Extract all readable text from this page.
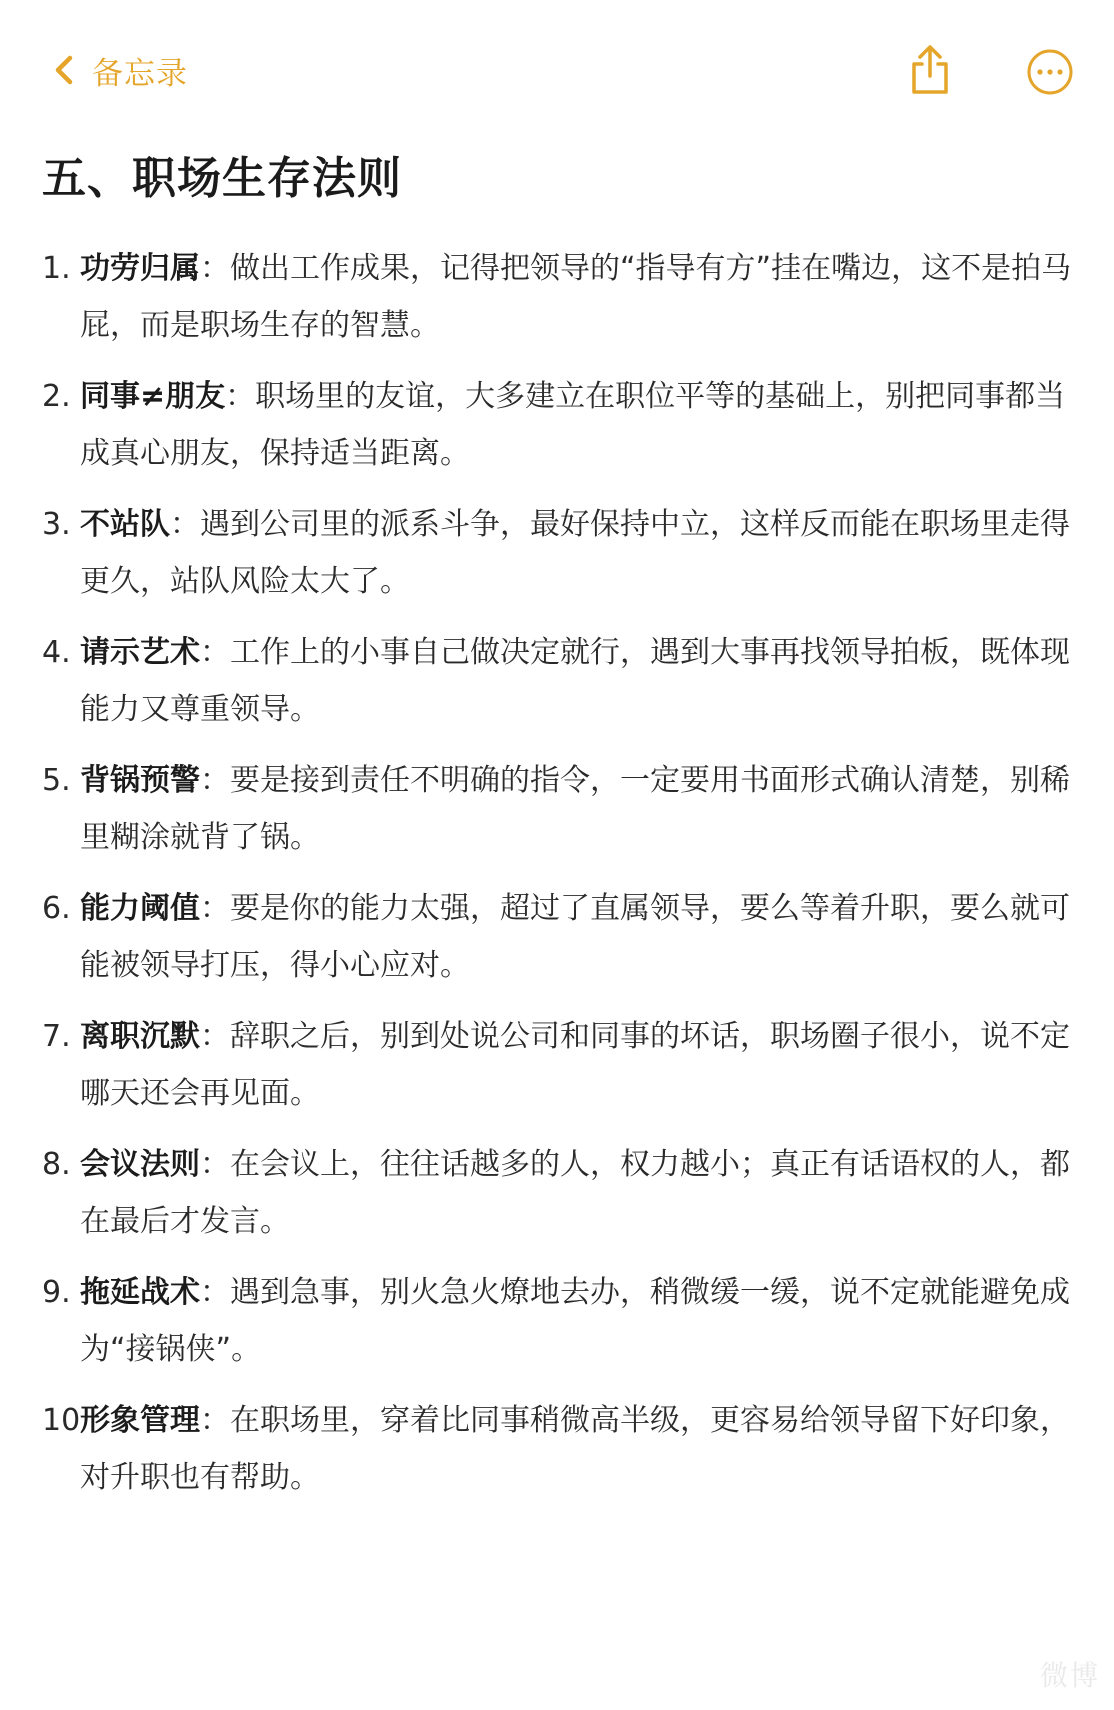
备忘录
五、职场生存法则
1. 功劳归属：做出工作成果，记得把领导的“指导有方”挂在嘴边，这不是拍马屁，而是职场生存的智慧。
2. 同事≠朋友：职场里的友谊，大多建立在职位平等的基础上，别把同事都当成真心朋友，保持适当距离。
3. 不站队：遇到公司里的派系斗争，最好保持中立，这样反而能在职场里走得更久，站队风险太大了。
4. 请示艺术：工作上的小事自己做决定就行，遇到大事再找领导拍板，既体现能力又尊重领导。
5. 背锅预警：要是接到责任不明确的指令，一定要用书面形式确认清楚，别稀里糊涂就背了锅。
6. 能力阈值：要是你的能力太强，超过了直属领导，要么等着升职，要么就可能被领导打压，得小心应对。
7. 离职沉默：辞职之后，别到处说公司和同事的坏话，职场圈子很小，说不定哪天还会再见面。
8. 会议法则：在会议上，往往话越多的人，权力越小；真正有话语权的人，都在最后才发言。
9. 拖延战术：遇到急事，别火急火燎地去办，稍微缓一缓，说不定就能避免成为“接锅侠”。
10 形象管理：在职场里，穿着比同事稍微高半级，更容易给领导留下好印象，对升职也有帮助。
微博
